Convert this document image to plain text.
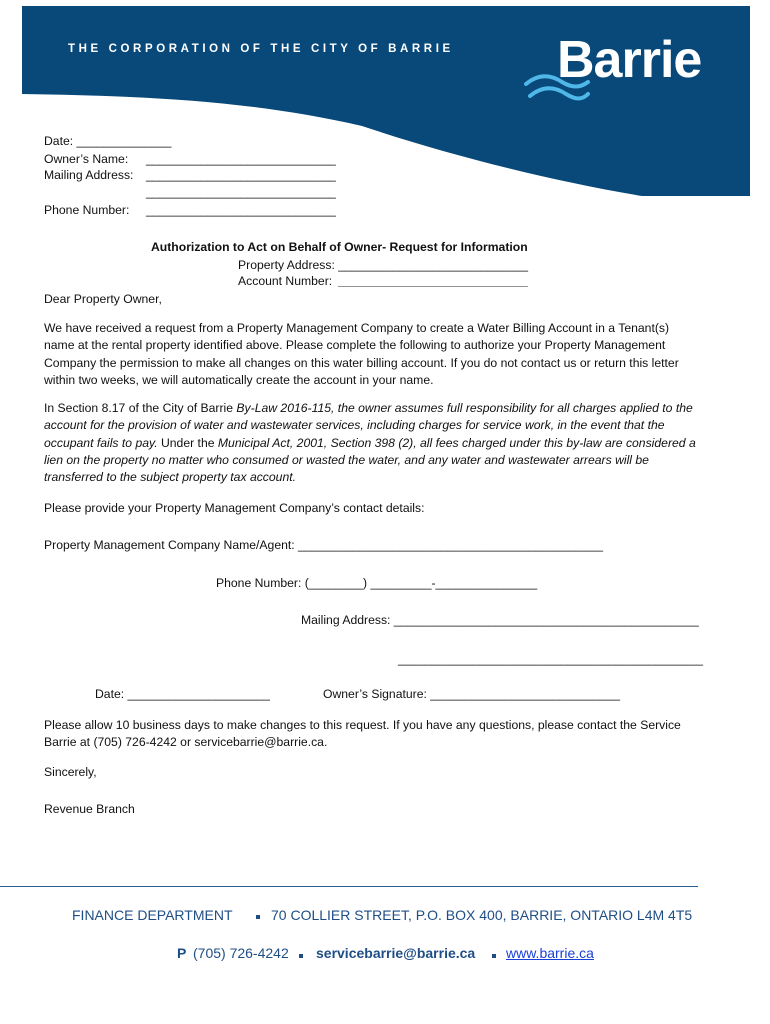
THE CORPORATION OF THE CITY OF BARRIE Barrie
Date: ______________
Owner’s Name: ____________________________
Mailing Address: ____________________________
____________________________
Phone Number: ____________________________
Authorization to Act on Behalf of Owner- Request for Information
Property Address: ____________________________
Account Number: ____________________________
Dear Property Owner,
We have received a request from a Property Management Company to create a Water Billing Account in a Tenant(s)
name at the rental property identified above. Please complete the following to authorize your Property Management
Company the permission to make all changes on this water billing account. If you do not contact us or return this letter
within two weeks, we will automatically create the account in your name.
In Section 8.17 of the City of Barrie By-Law 2016-115, the owner assumes full responsibility for all charges applied to the
account for the provision of water and wastewater services, including charges for service work, in the event that the
occupant fails to pay. Under the Municipal Act, 2001, Section 398 (2), all fees charged under this by-law are considered a
lien on the property no matter who consumed or wasted the water, and any water and wastewater arrears will be
transferred to the subject property tax account.
Please provide your Property Management Company’s contact details:
Property Management Company Name/Agent: _____________________________________________
Phone Number: (________) _________-_______________
Mailing Address: _____________________________________________
_____________________________________________
Date: _____________________	Owner’s Signature: ____________________________
Please allow 10 business days to make changes to this request. If you have any questions, please contact the Service
Barrie at (705) 726-4242 or servicebarrie@barrie.ca.
Sincerely,
Revenue Branch
FINANCE DEPARTMENT	70 COLLIER STREET, P.O. BOX 400, BARRIE, ONTARIO L4M 4T5
P (705) 726-4242 servicebarrie@barrie.ca www.barrie.ca
